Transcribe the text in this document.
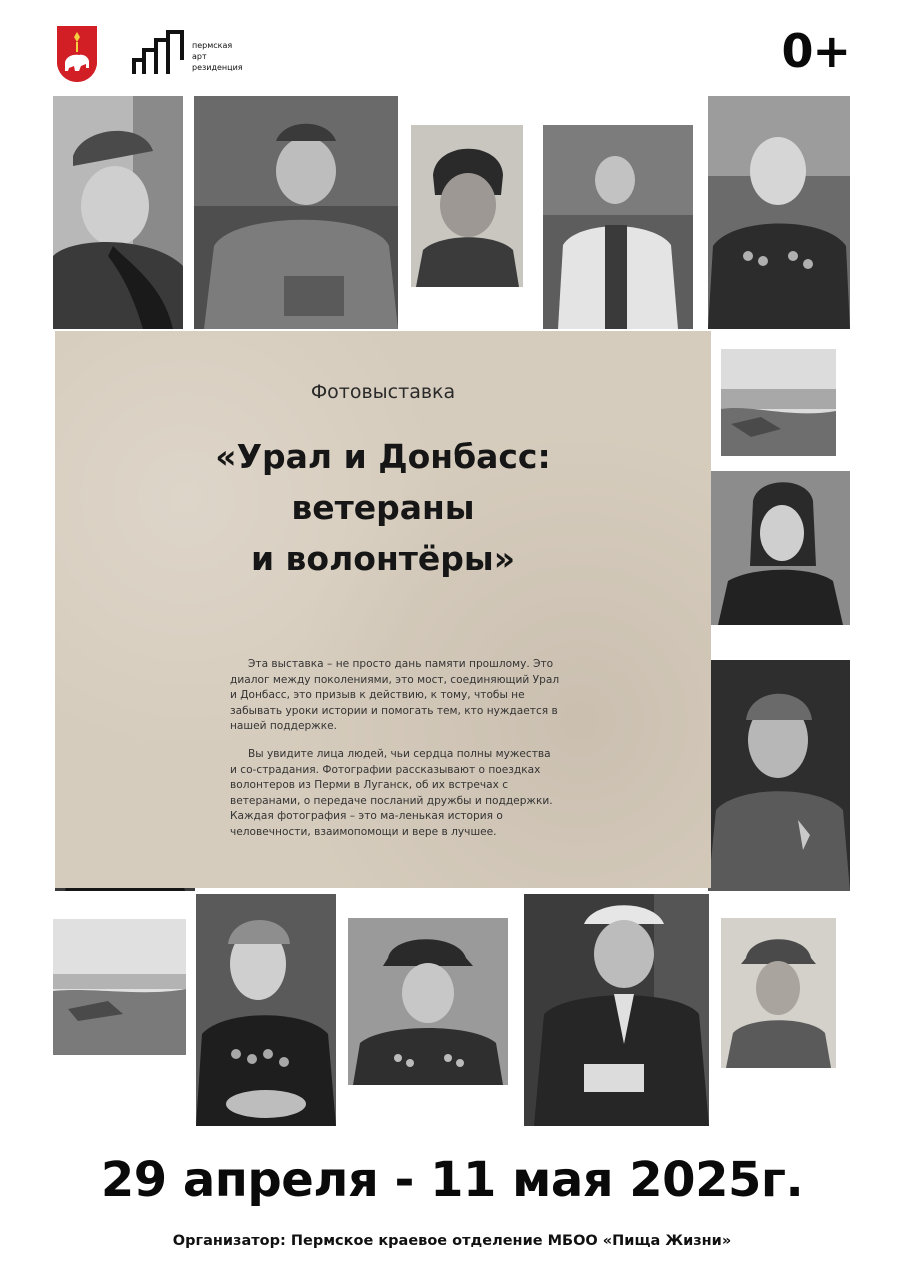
пермская
арт
резиденция	0+
Фотовыставка
«Урал и Донбасс:
ветераны
и волонтёры»

Эта выставка – не просто дань памяти прошлому. Это диалог между поколениями, это мост, соединяющий Урал и Донбасс, это призыв к действию, к тому, чтобы не забывать уроки истории и помогать тем, кто нуждается в нашей поддержке.

Вы увидите лица людей, чьи сердца полны мужества и со-страдания. Фотографии рассказывают о поездках волонтеров из Перми в Луганск, об их встречах с ветеранами, о передаче посланий дружбы и поддержки. Каждая фотография – это ма-ленькая история о человечности, взаимопомощи и вере в лучшее.

29 апреля - 11 мая 2025г.
Организатор: Пермское краевое отделение МБОО «Пища Жизни»
